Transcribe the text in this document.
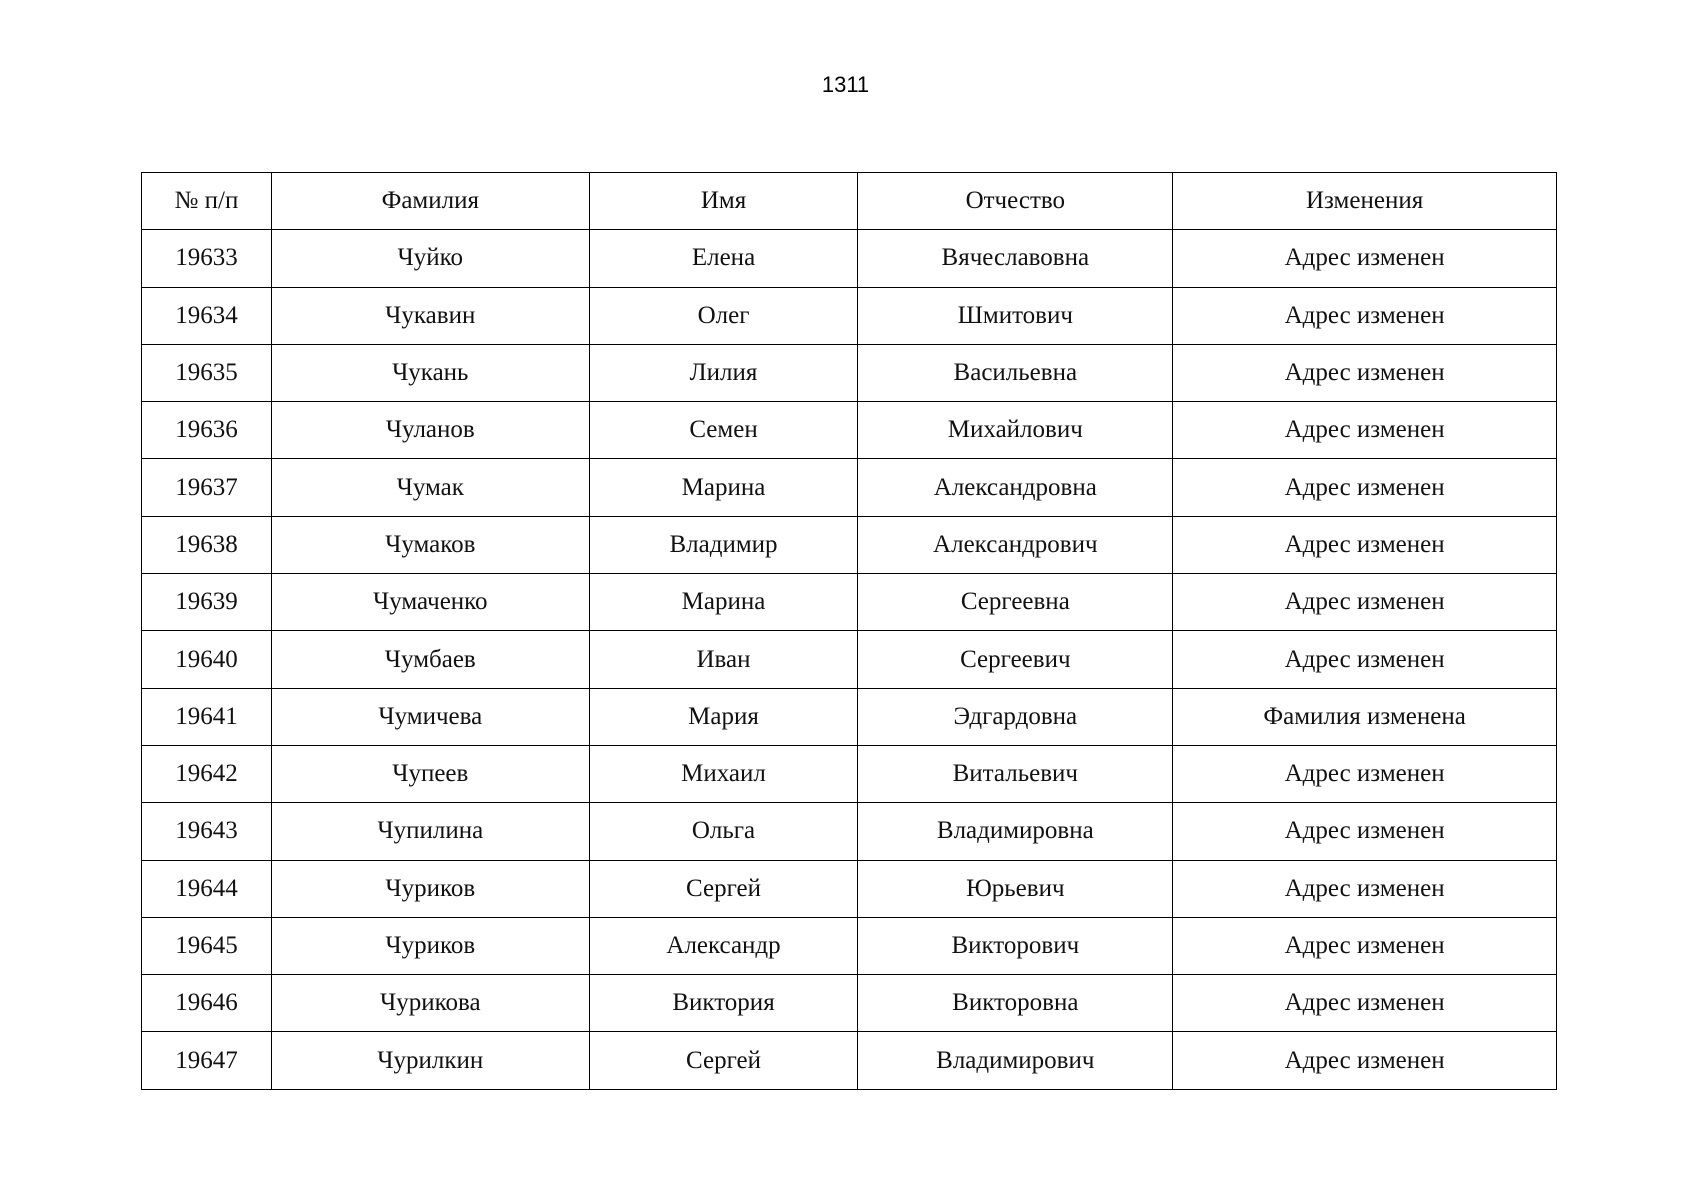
1311
№ п/п	Фамилия	Имя	Отчество	Изменения
19633	Чуйко	Елена	Вячеславовна	Адрес изменен
19634	Чукавин	Олег	Шмитович	Адрес изменен
19635	Чукань	Лилия	Васильевна	Адрес изменен
19636	Чуланов	Семен	Михайлович	Адрес изменен
19637	Чумак	Марина	Александровна	Адрес изменен
19638	Чумаков	Владимир	Александрович	Адрес изменен
19639	Чумаченко	Марина	Сергеевна	Адрес изменен
19640	Чумбаев	Иван	Сергеевич	Адрес изменен
19641	Чумичева	Мария	Эдгардовна	Фамилия изменена
19642	Чупеев	Михаил	Витальевич	Адрес изменен
19643	Чупилина	Ольга	Владимировна	Адрес изменен
19644	Чуриков	Сергей	Юрьевич	Адрес изменен
19645	Чуриков	Александр	Викторович	Адрес изменен
19646	Чурикова	Виктория	Викторовна	Адрес изменен
19647	Чурилкин	Сергей	Владимирович	Адрес изменен
